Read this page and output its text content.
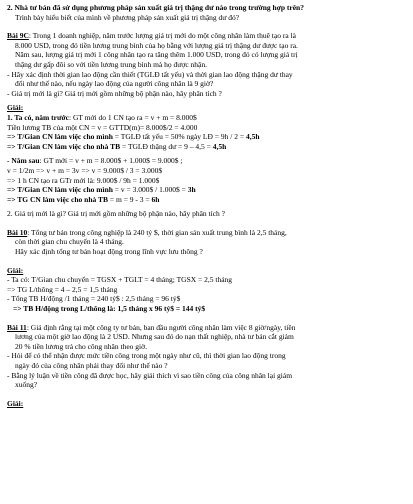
2. Nhà tư bản đã sử dụng phương pháp sản xuất giá trị thặng dư nào trong trường hợp trên?
Trình bày hiểu biết của mình về phương pháp sản xuất giá trị thặng dư đó?
Bài 9C: Trong 1 doanh nghiệp, năm trước lượng giá trị mới do một công nhân làm thuê tạo ra là
8.000 USD, trong đó tiền lương trung bình của họ bằng với lượng giá trị thặng dư được tạo ra.
Năm sau, lượng giá trị mới 1 công nhân tạo ra tăng thêm 1.000 USD, trong đó có lượng giá trị
thặng dư gấp đôi so với tiền lương trung bình mà họ được nhận.
- Hãy xác định thời gian lao động cần thiết (TGLĐ tất yếu) và thời gian lao động thặng dư thay
đổi như thế nào, nếu ngày lao động của người công nhân là 9 giờ?
- Giá trị mới là gì? Giá trị mới gồm những bộ phận nào, hãy phân tích ?
Giải:
1. Ta có, năm trước: GT mới do 1 CN tạo ra = v + m = 8.000$
Tiền lương TB của một CN = v = GTTD(m)= 8.000$/2 = 4.000
=> T/Gian CN làm việc cho mình = TGLĐ tất yếu = 50% ngày LĐ = 9h / 2 = 4,5h
=> T/Gian CN làm việc cho nhà TB = TGLĐ thặng dư = 9 – 4,5 = 4,5h
- Năm sau: GT mới = v + m = 8.000$ + 1.000$ = 9.000$ ;
v = 1/2m => v + m = 3v => v = 9.000$ / 3 = 3.000$
=> 1 h CN tạo ra GTr mới là: 9.000$ / 9h = 1.000$
=> T/Gian CN làm việc cho mình = v = 3.000$ / 1.000$ = 3h
=> TG CN làm việc cho nhà TB = m = 9 - 3 = 6h
2. Giá trị mới là gì? Giá trị mới gồm những bộ phận nào, hãy phân tích ?
Bài 10: Tổng tư bản trong công nghiệp là 240 tỷ $, thời gian sản xuất trung bình là 2,5 tháng,
còn thời gian chu chuyển là 4 tháng.
Hãy xác định tổng tư bản hoạt động trong lĩnh vực lưu thông ?
Giải:
- Ta có: T/Gian chu chuyển = TGSX + TGLT = 4 tháng; TGSX = 2,5 tháng
=> TG L/thông = 4 – 2,5 = 1,5 tháng
- Tổng TB H/động /1 tháng = 240 tỷ$ : 2,5 tháng = 96 tỷ$
=> TB H/động trong L/thông là: 1,5 tháng x 96 tỷ$ = 144 tỷ$
Bài 11: Giả định rằng tại một công ty tư bản, ban đầu người công nhân làm việc 8 giờ/ngày, tiền
lương của một giờ lao động là 2 USD. Nhưng sau đó do nạn thất nghiệp, nhà tư bản cắt giảm
20 % tiền lương trả cho công nhân theo giờ.
- Hỏi để có thể nhận được mức tiền công trong một ngày như cũ, thì thời gian lao động trong
ngày đó của công nhân phải thay đổi như thế nào ?
- Bằng lý luận về tiền công đã được học, hãy giải thích vì sao tiền công của công nhân lại giảm
xuống?
Giải:
